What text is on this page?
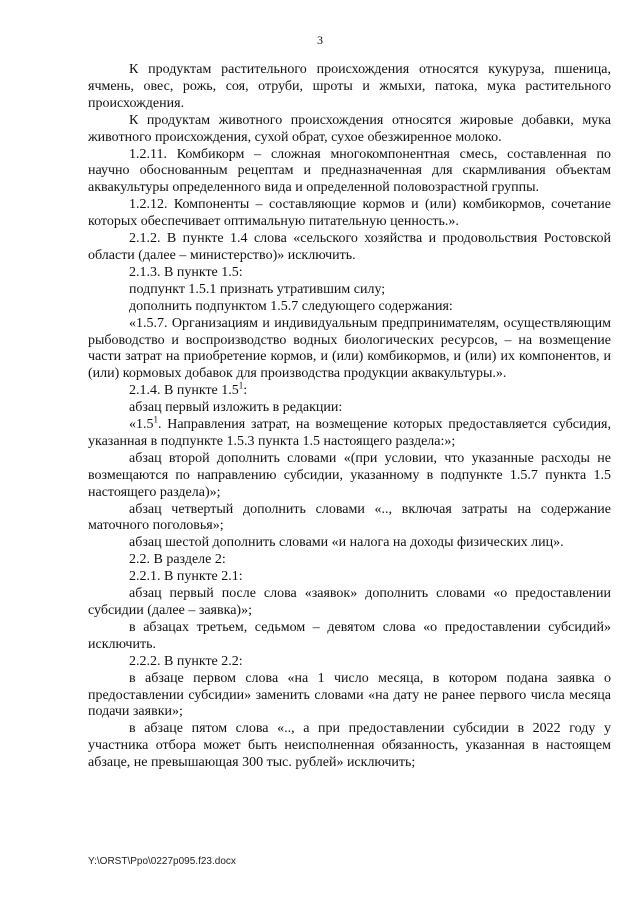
3

К продуктам растительного происхождения относятся кукуруза, пшеница, ячмень, овес, рожь, соя, отруби, шроты и жмыхи, патока, мука растительного происхождения.

К продуктам животного происхождения относятся жировые добавки, мука животного происхождения, сухой обрат, сухое обезжиренное молоко.

1.2.11. Комбикорм – сложная многокомпонентная смесь, составленная по научно обоснованным рецептам и предназначенная для скармливания объектам аквакультуры определенного вида и определенной половозрастной группы.

1.2.12. Компоненты – составляющие кормов и (или) комбикормов, сочетание которых обеспечивает оптимальную питательную ценность.».

2.1.2. В пункте 1.4 слова «сельского хозяйства и продовольствия Ростовской области (далее – министерство)» исключить.

2.1.3. В пункте 1.5:

подпункт 1.5.1 признать утратившим силу;

дополнить подпунктом 1.5.7 следующего содержания:

«1.5.7. Организациям и индивидуальным предпринимателям, осуществляющим рыбоводство и воспроизводство водных биологических ресурсов, – на возмещение части затрат на приобретение кормов, и (или) комбикормов, и (или) их компонентов, и (или) кормовых добавок для производства продукции аквакультуры.».

2.1.4. В пункте $1.5^1$:

абзац первый изложить в редакции:

«$1.5^1$. Направления затрат, на возмещение которых предоставляется субсидия, указанная в подпункте 1.5.3 пункта 1.5 настоящего раздела:»;

абзац второй дополнить словами «(при условии, что указанные расходы не возмещаются по направлению субсидии, указанному в подпункте 1.5.7 пункта 1.5 настоящего раздела)»;

абзац четвертый дополнить словами «.., включая затраты на содержание маточного поголовья»;

абзац шестой дополнить словами «и налога на доходы физических лиц».

2.2. В разделе 2:

2.2.1. В пункте 2.1:

абзац первый после слова «заявок» дополнить словами «о предоставлении субсидии (далее – заявка)»;

в абзацах третьем, седьмом – девятом слова «о предоставлении субсидий» исключить.

2.2.2. В пункте 2.2:

в абзаце первом слова «на 1 число месяца, в котором подана заявка о предоставлении субсидии» заменить словами «на дату не ранее первого числа месяца подачи заявки»;

в абзаце пятом слова «.., а при предоставлении субсидии в 2022 году у участника отбора может быть неисполненная обязанность, указанная в настоящем абзаце, не превышающая 300 тыс. рублей» исключить;

Y:\ORST\Ppo\0227p095.f23.docx
